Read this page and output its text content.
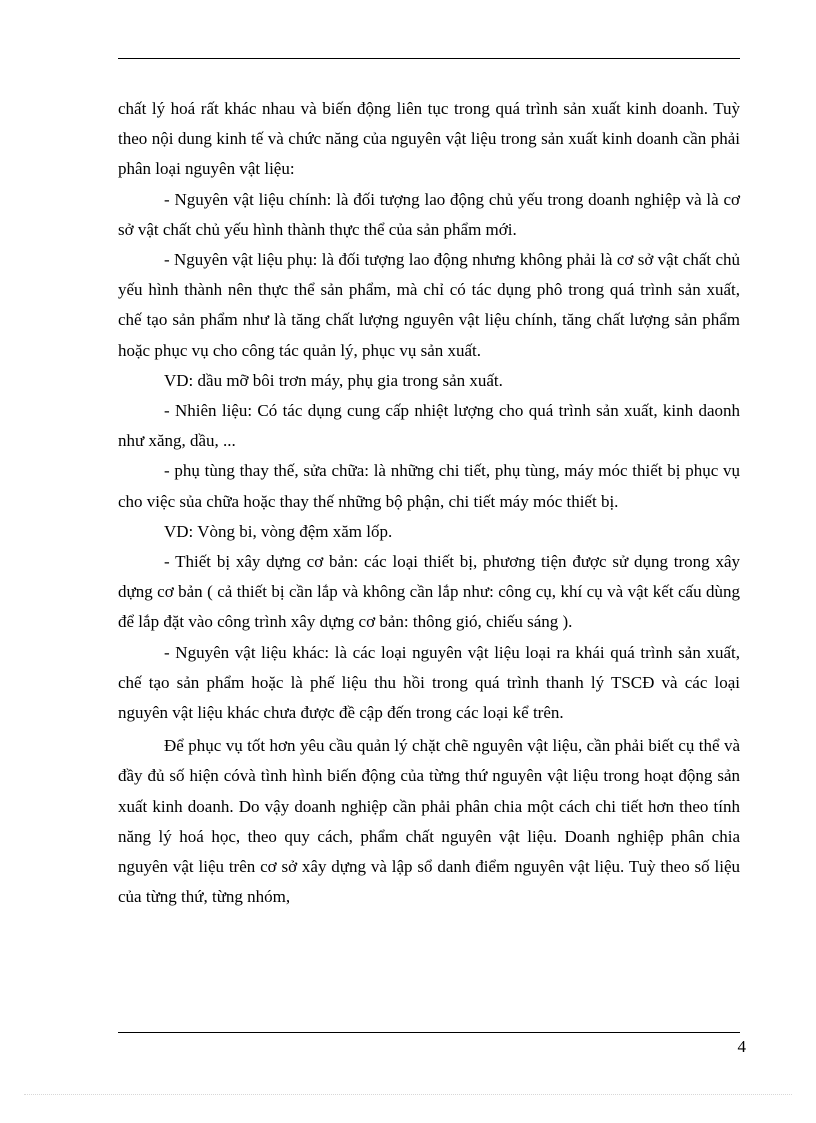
chất lý hoá rất khác nhau và biến động liên tục trong quá trình sản xuất kinh doanh. Tuỳ theo nội dung kinh tế và chức năng của nguyên vật liệu trong sản xuất kinh doanh cần phải phân loại nguyên vật liệu:

- Nguyên vật liệu chính: là đối tượng lao động chủ yếu trong doanh nghiệp và là cơ sở vật chất chủ yếu hình thành thực thể của sản phẩm mới.

- Nguyên vật liệu phụ: là đối tượng lao động nhưng không phải là cơ sở vật chất chủ yếu hình thành nên thực thể sản phẩm, mà chỉ có tác dụng phô trong quá trình sản xuất, chế tạo sản phẩm như là tăng chất lượng nguyên vật liệu chính, tăng chất lượng sản phẩm hoặc phục vụ cho công tác quản lý, phục vụ sản xuất.

VD: dầu mỡ bôi trơn máy, phụ gia trong sản xuất.

- Nhiên liệu: Có tác dụng cung cấp nhiệt lượng cho quá trình sản xuất, kinh daonh như xăng, dầu, ...

- phụ tùng thay thế, sửa chữa: là những chi tiết, phụ tùng, máy móc thiết bị phục vụ cho việc sủa chữa hoặc thay thế những bộ phận, chi tiết máy móc thiết bị.

VD: Vòng bi, vòng đệm xăm lốp.

- Thiết bị xây dựng cơ bản: các loại thiết bị, phương tiện được sử dụng trong xây dựng cơ bản ( cả thiết bị cần lắp và không cần lắp như: công cụ, khí cụ và vật kết cấu dùng để lắp đặt vào công trình xây dựng cơ bản: thông gió, chiếu sáng ).

- Nguyên vật liệu khác: là các loại nguyên vật liệu loại ra khái quá trình sản xuất, chế tạo sản phẩm hoặc là phế liệu thu hồi trong quá trình thanh lý TSCĐ và các loại nguyên vật liệu khác chưa được đề cập đến trong các loại kể trên.

Để phục vụ tốt hơn yêu cầu quản lý chặt chẽ nguyên vật liệu, cần phải biết cụ thể và đầy đủ số hiện cóvà tình hình biến động của từng thứ nguyên vật liệu trong hoạt động sản xuất kinh doanh. Do vậy doanh nghiệp cần phải phân chia một cách chi tiết hơn theo tính năng lý hoá học, theo quy cách, phẩm chất nguyên vật liệu. Doanh nghiệp phân chia nguyên vật liệu trên cơ sở xây dựng và lập sổ danh điểm nguyên vật liệu. Tuỳ theo số liệu của từng thứ, từng nhóm,

4
